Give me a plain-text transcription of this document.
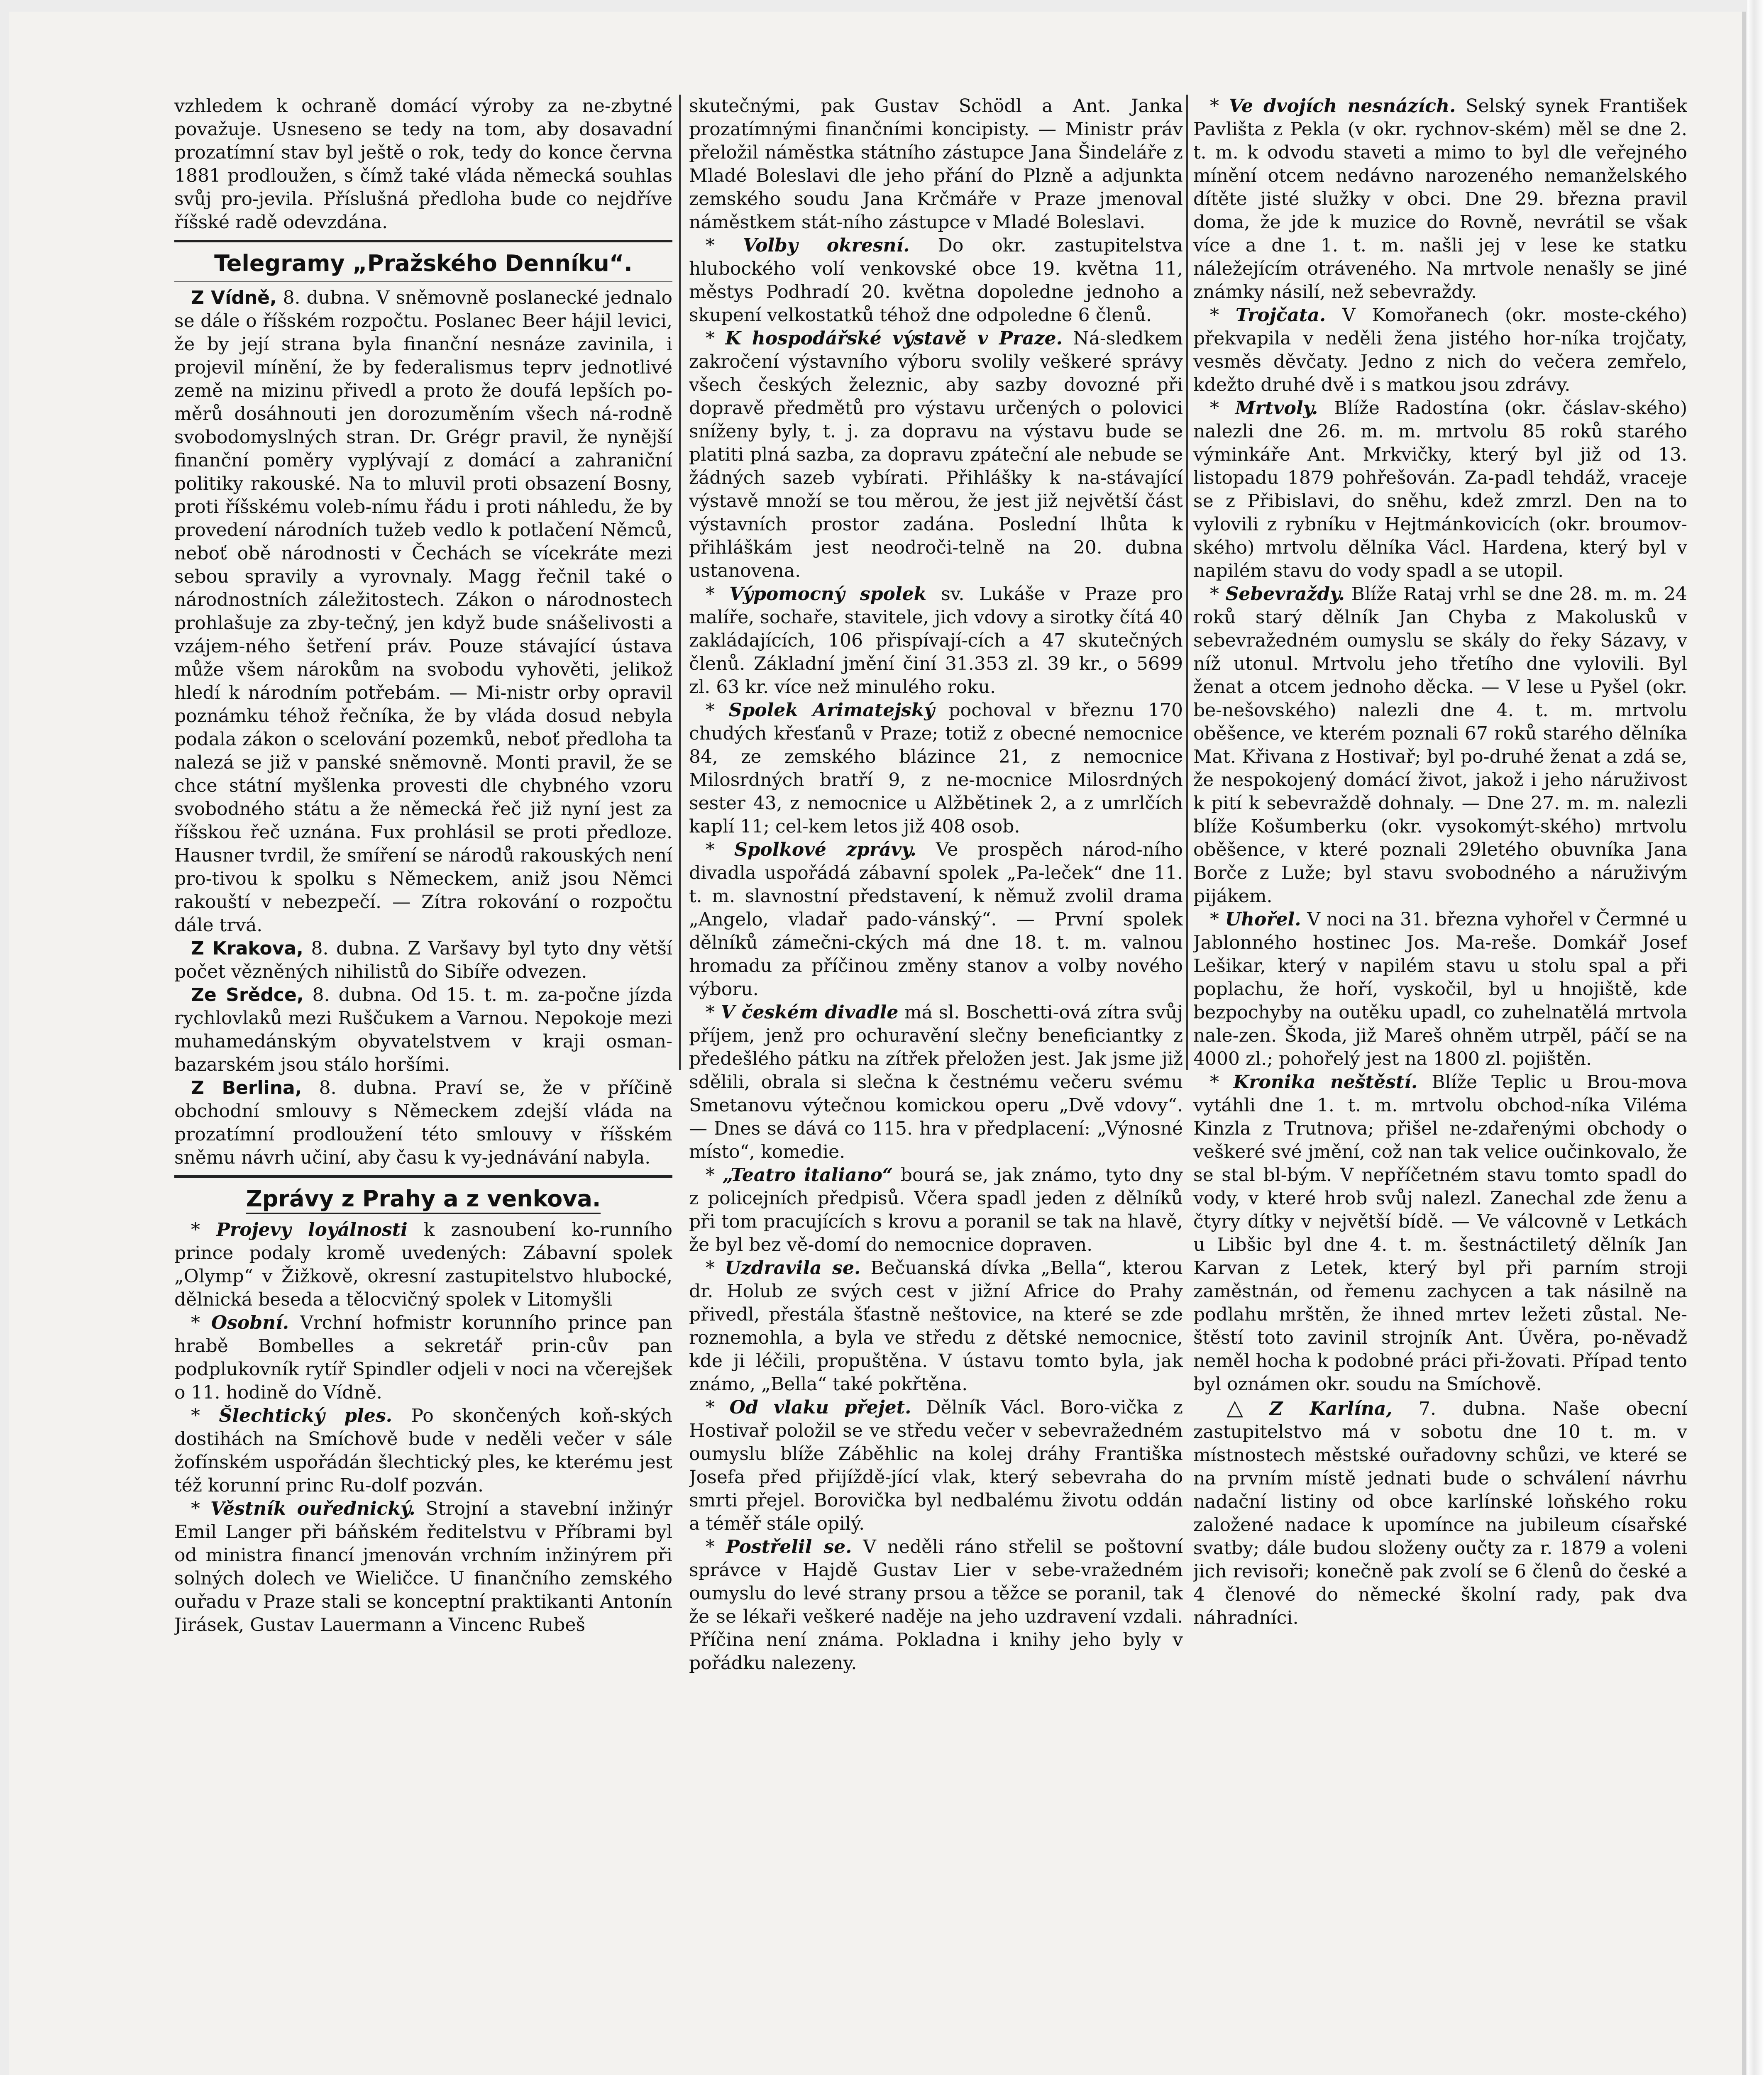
vzhledem k ochraně domácí výroby za ne-zbytné považuje. Usneseno se tedy na tom, aby dosavadní prozatímní stav byl ještě o rok, tedy do konce června 1881 prodloužen, s čímž také vláda německá souhlas svůj pro-jevila. Příslušná předloha bude co nejdříve říšské radě odevzdána.

Telegramy „Pražského Denníku“.

Z Vídně, 8. dubna. V sněmovně poslanecké jednalo se dále o říšském rozpočtu. Poslanec Beer hájil levici, že by její strana byla finanční nesnáze zavinila, i projevil mínění, že by federalismus teprv jednotlivé země na mizinu přivedl a proto že doufá lepších po-měrů dosáhnouti jen dorozuměním všech ná-rodně svobodomyslných stran. Dr. Grégr pravil, že nynější finanční poměry vyplývají z domácí a zahraniční politiky rakouské. Na to mluvil proti obsazení Bosny, proti říšskému voleb-nímu řádu i proti náhledu, že by provedení národních tužeb vedlo k potlačení Němců, neboť obě národnosti v Čechách se vícekráte mezi sebou spravily a vyrovnaly. Magg řečnil také o národnostních záležitostech. Zákon o národnostech prohlašuje za zby-tečný, jen když bude snášelivosti a vzájem-ného šetření práv. Pouze stávající ústava může všem nárokům na svobodu vyhověti, jelikož hledí k národním potřebám. — Mi-nistr orby opravil poznámku téhož řečníka, že by vláda dosud nebyla podala zákon o scelování pozemků, neboť předloha ta nalezá se již v panské sněmovně. Monti pravil, že se chce státní myšlenka provesti dle chybného vzoru svobodného státu a že německá řeč již nyní jest za říšskou řeč uznána. Fux prohlásil se proti předloze. Hausner tvrdil, že smíření se národů rakouských není pro-tivou k spolku s Německem, aniž jsou Němci rakouští v nebezpečí. — Zítra rokování o rozpočtu dále trvá.

Z Krakova, 8. dubna. Z Varšavy byl tyto dny větší počet vězněných nihilistů do Sibíře odvezen.

Ze Srědce, 8. dubna. Od 15. t. m. za-počne jízda rychlovlaků mezi Ruščukem a Varnou. Nepokoje mezi muhamedánským obyvatelstvem v kraji osman-bazarském jsou stálo horšími.

Z Berlina, 8. dubna. Praví se, že v příčině obchodní smlouvy s Německem zdejší vláda na prozatímní prodloužení této smlouvy v říšském sněmu návrh učiní, aby času k vy-jednávání nabyla.

Zprávy z Prahy a z venkova.

* Projevy loyálnosti k zasnoubení ko-runního prince podaly kromě uvedených: Zábavní spolek „Olymp“ v Žižkově, okresní zastupitelstvo hlubocké, dělnická beseda a tělocvičný spolek v Litomyšli

* Osobní. Vrchní hofmistr korunního prince pan hrabě Bombelles a sekretář prin-cův pan podplukovník rytíř Spindler odjeli v noci na včerejšek o 11. hodině do Vídně.

* Šlechtický ples. Po skončených koň-ských dostihách na Smíchově bude v neděli večer v sále žofínském uspořádán šlechtický ples, ke kterému jest též korunní princ Ru-dolf pozván.

* Věstník ouřednický. Strojní a stavební inžinýr Emil Langer při báňském ředitelstvu v Příbrami byl od ministra financí jmenován vrchním inžinýrem při solných dolech ve Wieličce. U finančního zemského ouřadu v Praze stali se konceptní praktikanti Antonín Jirásek, Gustav Lauermann a Vincenc Rubeš

skutečnými, pak Gustav Schödl a Ant. Janka prozatímnými finančními koncipisty. — Ministr práv přeložil náměstka státního zástupce Jana Šindeláře z Mladé Boleslavi dle jeho přání do Plzně a adjunkta zemského soudu Jana Krčmáře v Praze jmenoval náměstkem stát-ního zástupce v Mladé Boleslavi.

* Volby okresní. Do okr. zastupitelstva hlubockého volí venkovské obce 19. května 11, městys Podhradí 20. května dopoledne jednoho a skupení velkostatků téhož dne odpoledne 6 členů.

* K hospodářské výstavě v Praze. Ná-sledkem zakročení výstavního výboru svolily veškeré správy všech českých železnic, aby sazby dovozné při dopravě předmětů pro výstavu určených o polovici sníženy byly, t. j. za dopravu na výstavu bude se platiti plná sazba, za dopravu zpáteční ale nebude se žádných sazeb vybírati. Přihlášky k na-stávající výstavě množí se tou měrou, že jest již největší část výstavních prostor zadána. Poslední lhůta k přihláškám jest neodroči-telně na 20. dubna ustanovena.

* Výpomocný spolek sv. Lukáše v Praze pro malíře, sochaře, stavitele, jich vdovy a sirotky čítá 40 zakládajících, 106 přispívají-cích a 47 skutečných členů. Základní jmění činí 31.353 zl. 39 kr., o 5699 zl. 63 kr. více než minulého roku.

* Spolek Arimatejský pochoval v březnu 170 chudých křesťanů v Praze; totiž z obecné nemocnice 84, ze zemského blázince 21, z nemocnice Milosrdných bratří 9, z ne-mocnice Milosrdných sester 43, z nemocnice u Alžbětinek 2, a z umrlčích kaplí 11; cel-kem letos již 408 osob.

* Spolkové zprávy. Ve prospěch národ-ního divadla uspořádá zábavní spolek „Pa-leček“ dne 11. t. m. slavnostní představení, k němuž zvolil drama „Angelo, vladař pado-vánský“. — První spolek dělníků zámečni-ckých má dne 18. t. m. valnou hromadu za příčinou změny stanov a volby nového výboru.

* V českém divadle má sl. Boschetti-ová zítra svůj příjem, jenž pro ochuravění slečny beneficiantky z předešlého pátku na zítřek přeložen jest. Jak jsme již sdělili, obrala si slečna k čestnému večeru svému Smetanovu výtečnou komickou operu „Dvě vdovy“. — Dnes se dává co 115. hra v předplacení: „Výnosné místo“, komedie.

* „Teatro italiano“ bourá se, jak známo, tyto dny z policejních předpisů. Včera spadl jeden z dělníků při tom pracujících s krovu a poranil se tak na hlavě, že byl bez vě-domí do nemocnice dopraven.

* Uzdravila se. Bečuanská dívka „Bella“, kterou dr. Holub ze svých cest v jižní Africe do Prahy přivedl, přestála šťastně neštovice, na které se zde roznemohla, a byla ve středu z dětské nemocnice, kde ji léčili, propuštěna. V ústavu tomto byla, jak známo, „Bella“ také pokřtěna.

* Od vlaku přejet. Dělník Václ. Boro-vička z Hostivař položil se ve středu večer v sebevražedném oumyslu blíže Záběhlic na kolej dráhy Františka Josefa před přijíždě-jící vlak, který sebevraha do smrti přejel. Borovička byl nedbalému životu oddán a téměř stále opilý.

* Postřelil se. V neděli ráno střelil se poštovní správce v Hajdě Gustav Lier v sebe-vražedném oumyslu do levé strany prsou a těžce se poranil, tak že se lékaři veškeré naděje na jeho uzdravení vzdali. Příčina není známa. Pokladna i knihy jeho byly v pořádku nalezeny.

* Ve dvojích nesnázích. Selský synek František Pavlišta z Pekla (v okr. rychnov-ském) měl se dne 2. t. m. k odvodu staveti a mimo to byl dle veřejného mínění otcem nedávno narozeného nemanželského dítěte jisté služky v obci. Dne 29. března pravil doma, že jde k muzice do Rovně, nevrátil se však více a dne 1. t. m. našli jej v lese ke statku náležejícím otráveného. Na mrtvole nenašly se jiné známky násilí, než sebevraždy.

* Trojčata. V Komořanech (okr. moste-ckého) překvapila v neděli žena jistého hor-níka trojčaty, vesměs děvčaty. Jedno z nich do večera zemřelo, kdežto druhé dvě i s matkou jsou zdrávy.

* Mrtvoly. Blíže Radostína (okr. čáslav-ského) nalezli dne 26. m. m. mrtvolu 85 roků starého výminkáře Ant. Mrkvičky, který byl již od 13. listopadu 1879 pohřešován. Za-padl tehdáž, vraceje se z Přibislavi, do sněhu, kdež zmrzl. Den na to vylovili z rybníku v Hejtmánkovicích (okr. broumov-ského) mrtvolu dělníka Václ. Hardena, který byl v napilém stavu do vody spadl a se utopil.

* Sebevraždy. Blíže Rataj vrhl se dne 28. m. m. 24 roků starý dělník Jan Chyba z Makolusků v sebevražedném oumyslu se skály do řeky Sázavy, v níž utonul. Mrtvolu jeho třetího dne vylovili. Byl ženat a otcem jednoho děcka. — V lese u Pyšel (okr. be-nešovského) nalezli dne 4. t. m. mrtvolu oběšence, ve kterém poznali 67 roků starého dělníka Mat. Křivana z Hostivař; byl po-druhé ženat a zdá se, že nespokojený domácí život, jakož i jeho náruživost k pití k sebevraždě dohnaly. — Dne 27. m. m. nalezli blíže Košumberku (okr. vysokomýt-ského) mrtvolu oběšence, v které poznali 29letého obuvníka Jana Borče z Luže; byl stavu svobodného a náruživým pijákem.

* Uhořel. V noci na 31. března vyhořel v Čermné u Jablonného hostinec Jos. Ma-reše. Domkář Josef Lešikar, který v napilém stavu u stolu spal a při poplachu, že hoří, vyskočil, byl u hnojiště, kde bezpochyby na outěku upadl, co zuhelnatělá mrtvola nale-zen. Škoda, již Mareš ohněm utrpěl, páčí se na 4000 zl.; pohořelý jest na 1800 zl. pojištěn.

* Kronika neštěstí. Blíže Teplic u Brou-mova vytáhli dne 1. t. m. mrtvolu obchod-níka Viléma Kinzla z Trutnova; přišel ne-zdařenými obchody o veškeré své jmění, což nan tak velice oučinkovalo, že se stal bl-bým. V nepříčetném stavu tomto spadl do vody, v které hrob svůj nalezl. Zanechal zde ženu a čtyry dítky v největší bídě. — Ve válcovně v Letkách u Libšic byl dne 4. t. m. šestnáctiletý dělník Jan Karvan z Letek, který byl při parním stroji zaměstnán, od řemenu zachycen a tak násilně na podlahu mrštěn, že ihned mrtev ležeti zůstal. Ne-štěstí toto zavinil strojník Ant. Úvěra, po-něvadž neměl hocha k podobné práci při-žovati. Případ tento byl oznámen okr. soudu na Smíchově.

△ Z Karlína, 7. dubna. Naše obecní zastupitelstvo má v sobotu dne 10 t. m. v místnostech městské ouřadovny schůzi, ve které se na prvním místě jednati bude o schválení návrhu nadační listiny od obce karlínské loňského roku založené nadace k upomínce na jubileum císařské svatby; dále budou složeny oučty za r. 1879 a voleni jich revisoři; konečně pak zvolí se 6 členů do české a 4 členové do německé školní rady, pak dva náhradníci.
